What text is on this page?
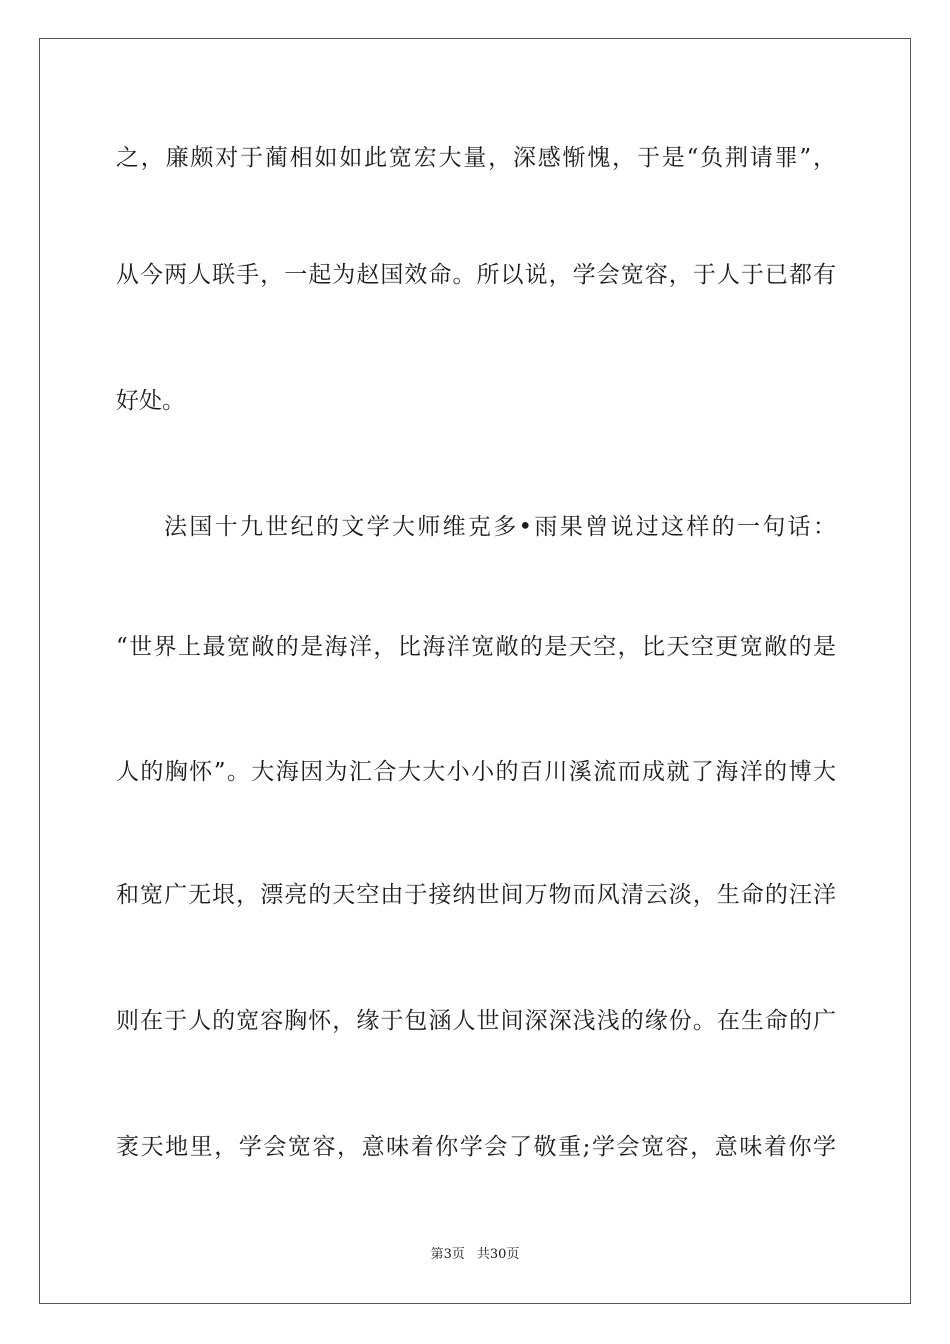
之，廉颇对于蔺相如如此宽宏大量，深感惭愧，于是“负荆请罪”，
从今两人联手，一起为赵国效命。所以说，学会宽容，于人于已都有
好处。
法国十九世纪的文学大师维克多•雨果曾说过这样的一句话：
“世界上最宽敞的是海洋，比海洋宽敞的是天空，比天空更宽敞的是
人的胸怀”。大海因为汇合大大小小的百川溪流而成就了海洋的博大
和宽广无垠，漂亮的天空由于接纳世间万物而风清云淡，生命的汪洋
则在于人的宽容胸怀，缘于包涵人世间深深浅浅的缘份。在生命的广
袤天地里，学会宽容，意味着你学会了敬重;学会宽容，意味着你学
第3页 共30页
